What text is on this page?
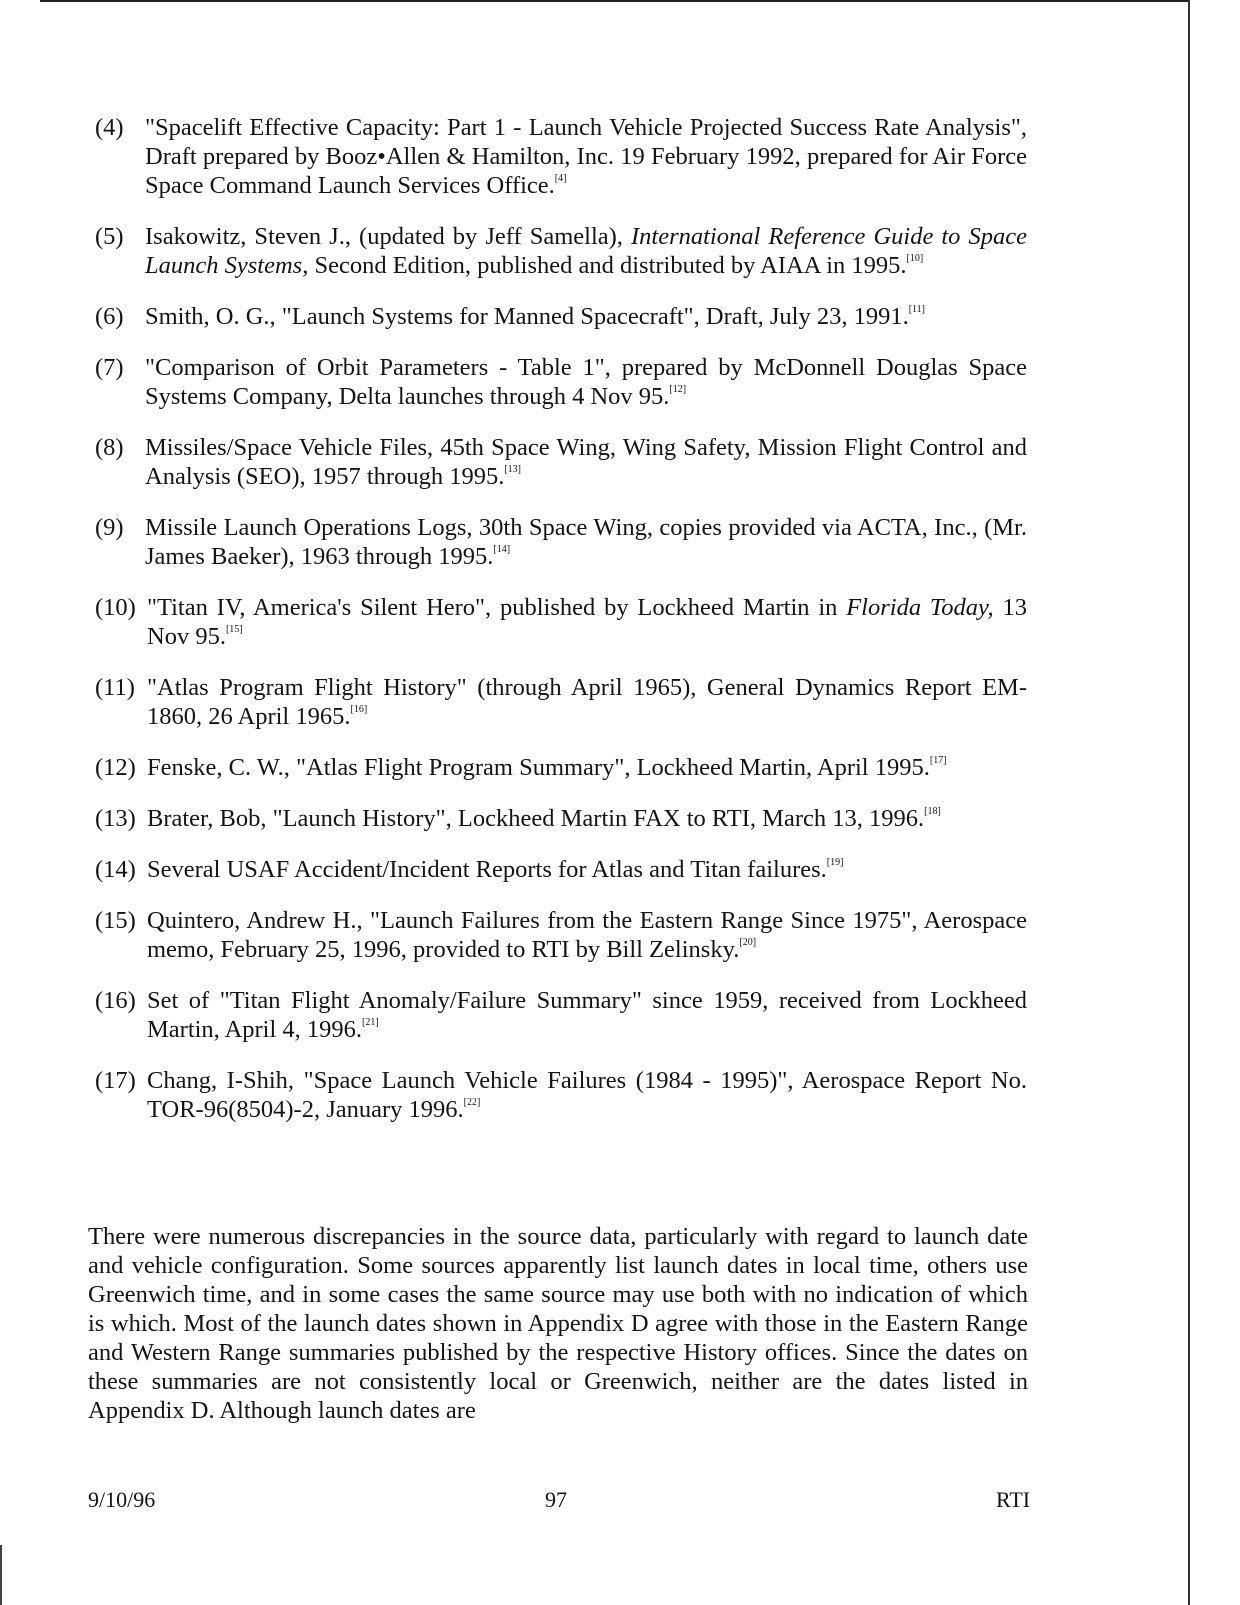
(4) "Spacelift Effective Capacity: Part 1 - Launch Vehicle Projected Success Rate Analysis", Draft prepared by Booz•Allen & Hamilton, Inc. 19 February 1992, prepared for Air Force Space Command Launch Services Office.[4]
(5) Isakowitz, Steven J., (updated by Jeff Samella), International Reference Guide to Space Launch Systems, Second Edition, published and distributed by AIAA in 1995.[10]
(6) Smith, O. G., "Launch Systems for Manned Spacecraft", Draft, July 23, 1991.[11]
(7) "Comparison of Orbit Parameters - Table 1", prepared by McDonnell Douglas Space Systems Company, Delta launches through 4 Nov 95.[12]
(8) Missiles/Space Vehicle Files, 45th Space Wing, Wing Safety, Mission Flight Control and Analysis (SEO), 1957 through 1995.[13]
(9) Missile Launch Operations Logs, 30th Space Wing, copies provided via ACTA, Inc., (Mr. James Baeker), 1963 through 1995.[14]
(10) "Titan IV, America's Silent Hero", published by Lockheed Martin in Florida Today, 13 Nov 95.[15]
(11) "Atlas Program Flight History" (through April 1965), General Dynamics Report EM-1860, 26 April 1965.[16]
(12) Fenske, C. W., "Atlas Flight Program Summary", Lockheed Martin, April 1995.[17]
(13) Brater, Bob, "Launch History", Lockheed Martin FAX to RTI, March 13, 1996.[18]
(14) Several USAF Accident/Incident Reports for Atlas and Titan failures.[19]
(15) Quintero, Andrew H., "Launch Failures from the Eastern Range Since 1975", Aerospace memo, February 25, 1996, provided to RTI by Bill Zelinsky.[20]
(16) Set of "Titan Flight Anomaly/Failure Summary" since 1959, received from Lockheed Martin, April 4, 1996.[21]
(17) Chang, I-Shih, "Space Launch Vehicle Failures (1984 - 1995)", Aerospace Report No. TOR-96(8504)-2, January 1996.[22]

There were numerous discrepancies in the source data, particularly with regard to launch date and vehicle configuration. Some sources apparently list launch dates in local time, others use Greenwich time, and in some cases the same source may use both with no indication of which is which. Most of the launch dates shown in Appendix D agree with those in the Eastern Range and Western Range summaries published by the respective History offices. Since the dates on these summaries are not consistently local or Greenwich, neither are the dates listed in Appendix D. Although launch dates are

9/10/96	97	RTI
